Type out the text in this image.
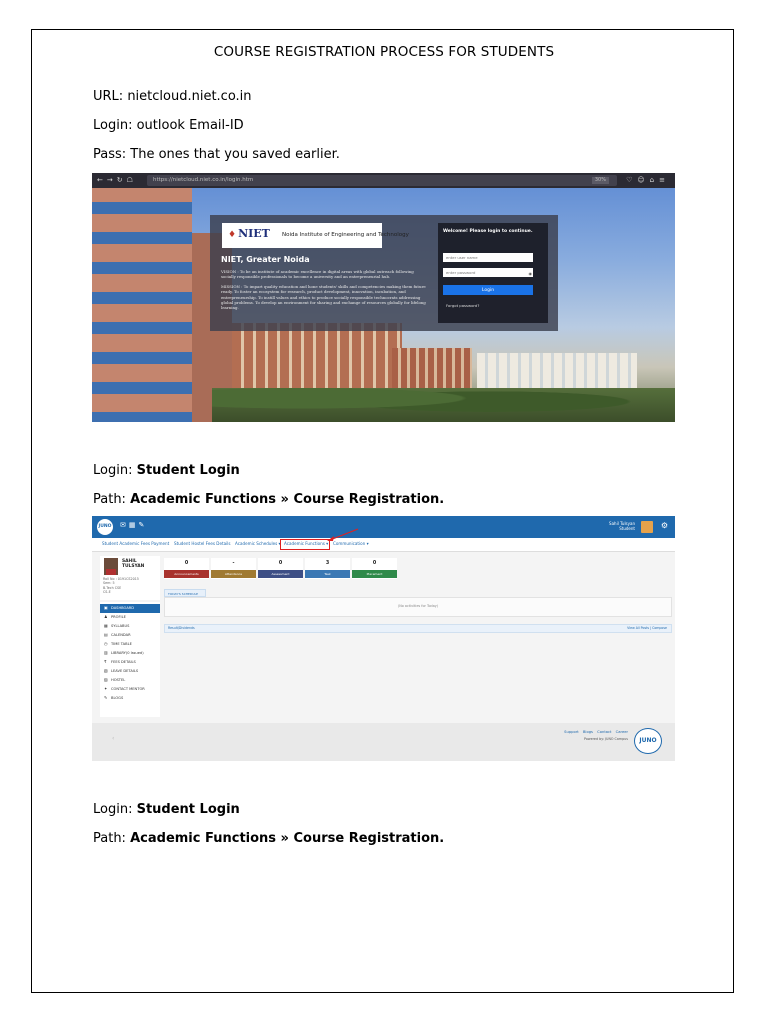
COURSE REGISTRATION PROCESS FOR STUDENTS
URL: nietcloud.niet.co.in
Login: outlook Email-ID
Pass: The ones that you saved earlier.
←→↻☖	https://nietcloud.niet.co.in/login.htm	30%	♡☺⌂≡
♦ NIET Noida Institute of Engineering and Technology
NIET, Greater Noida

VISION : To be an institute of academic excellence in digital areas with global outreach following socially responsible professionals to become a university and an entrepreneurial hub.

MISSION : To impart quality education and hone students' skills and competencies making them future ready. To foster an ecosystem for research, product development, innovation, incubation, and entrepreneurship. To instill values and ethics to produce socially responsible technocrats addressing global problems. To develop an environment for sharing and exchange of resources globally for lifelong learning.

Welcome! Please login to continue.
enter user name
enter password
◉
Login
Forgot password?
Login: Student Login
Path: Academic Functions » Course Registration.
JUNO ✉▦✎	Sahil Tulsyan
Student	⚙
Student Academic Fees Payment Student Hostel Fees Details Academic Schedules ▾ Academic Functions ▾ Communication ▾
SAHIL
TULSYAN
Roll No : 0191CS2015
Sem: 5
B.Tech CSE
CS-E
▣ DASHBOARD
♟ PROFILE
▦ SYLLABUS
▤ CALENDAR
◷ TIME TABLE
▥ LIBRARY(0 Issued)
₹ FEES DETAILS
▧ LEAVE DETAILS
▨ HOSTEL
✦ CONTACT MENTOR
✎ BLOGS
0
Announcements
-
Attendance
0
Assessment
3
Task
0
Placement
TODAY'S SCHEDULE
(No activities for Today)
Result/Dividends	View All Posts | Compose
‹
Support Blogs Contact Career
Powered by: JUNO Campus	JUNO
Login: Student Login
Path: Academic Functions » Course Registration.
